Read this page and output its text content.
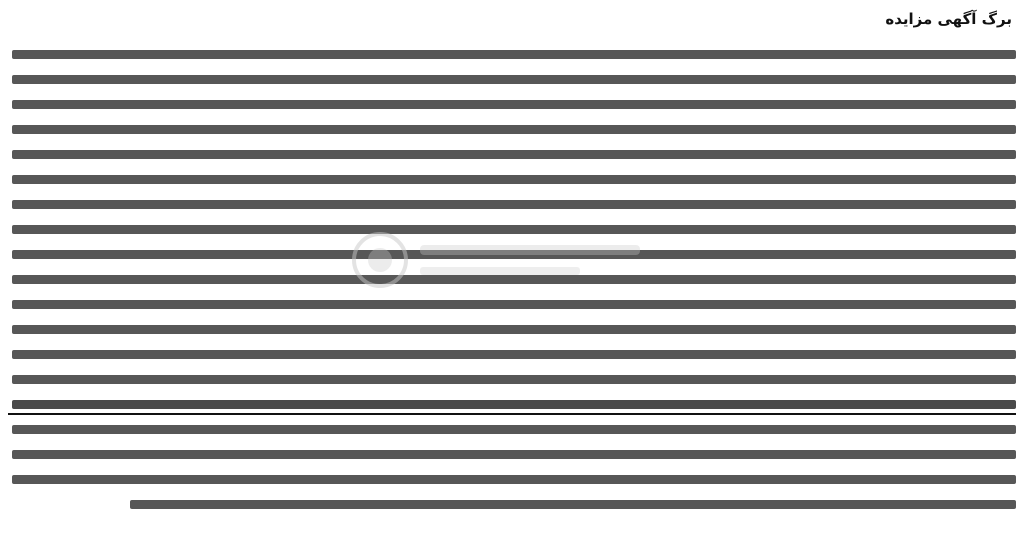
برگ آگهی مزایده
